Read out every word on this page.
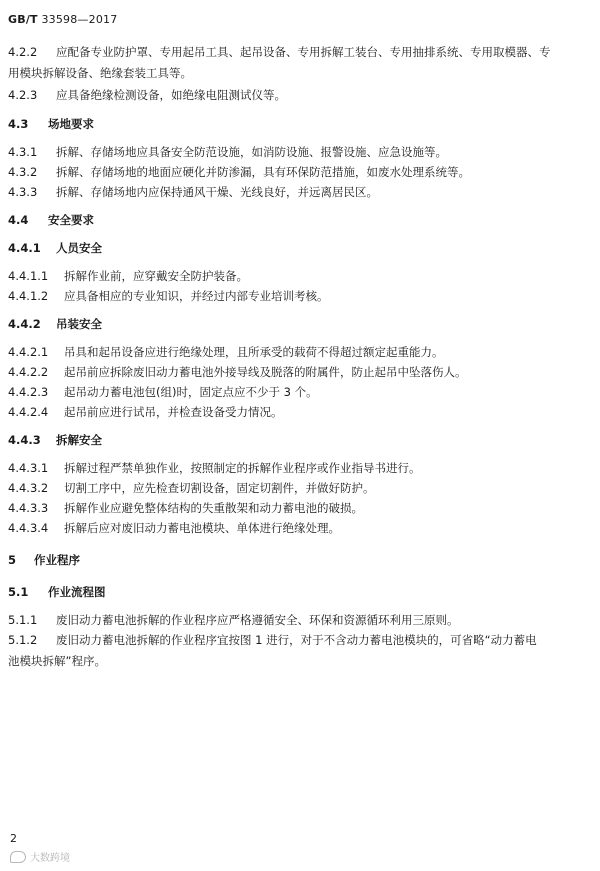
GB/T 33598—2017
4.2.2 应配备专业防护罩、专用起吊工具、起吊设备、专用拆解工装台、专用抽排系统、专用取模器、专
用模块拆解设备、绝缘套装工具等。
4.2.3 应具备绝缘检测设备，如绝缘电阻测试仪等。
4.3 场地要求
4.3.1 拆解、存储场地应具备安全防范设施，如消防设施、报警设施、应急设施等。
4.3.2 拆解、存储场地的地面应硬化并防渗漏，具有环保防范措施，如废水处理系统等。
4.3.3 拆解、存储场地内应保持通风干燥、光线良好，并远离居民区。
4.4 安全要求
4.4.1 人员安全
4.4.1.1 拆解作业前，应穿戴安全防护装备。
4.4.1.2 应具备相应的专业知识，并经过内部专业培训考核。
4.4.2 吊装安全
4.4.2.1 吊具和起吊设备应进行绝缘处理，且所承受的载荷不得超过额定起重能力。
4.4.2.2 起吊前应拆除废旧动力蓄电池外接导线及脱落的附属件，防止起吊中坠落伤人。
4.4.2.3 起吊动力蓄电池包(组)时，固定点应不少于 3 个。
4.4.2.4 起吊前应进行试吊，并检查设备受力情况。
4.4.3 拆解安全
4.4.3.1 拆解过程严禁单独作业，按照制定的拆解作业程序或作业指导书进行。
4.4.3.2 切割工序中，应先检查切割设备，固定切割件，并做好防护。
4.4.3.3 拆解作业应避免整体结构的失重散架和动力蓄电池的破损。
4.4.3.4 拆解后应对废旧动力蓄电池模块、单体进行绝缘处理。
5 作业程序
5.1 作业流程图
5.1.1 废旧动力蓄电池拆解的作业程序应严格遵循安全、环保和资源循环利用三原则。
5.1.2 废旧动力蓄电池拆解的作业程序宜按图 1 进行，对于不含动力蓄电池模块的，可省略“动力蓄电
池模块拆解”程序。
2
大数跨境
